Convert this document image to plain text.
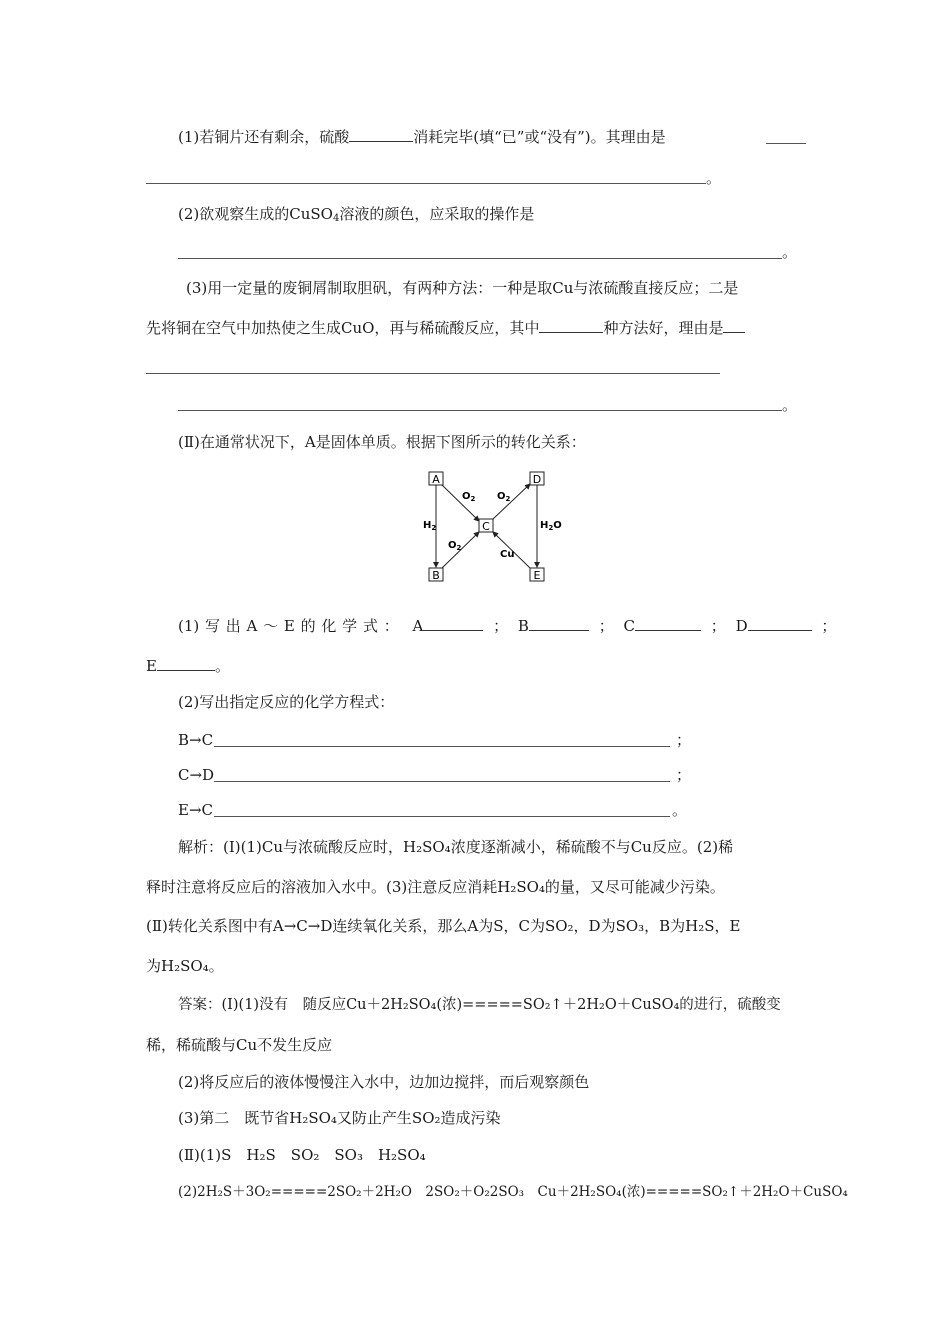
(1)若铜片还有剩余，硫酸	消耗完毕(填“已”或“没有”)。其理由是
。
(2)欲观察生成的CuSO$_4$溶液的颜色，应采取的操作是
。
(3)用一定量的废铜屑制取胆矾，有两种方法：一种是取Cu与浓硫酸直接反应；二是
先将铜在空气中加热使之生成CuO，再与稀硫酸反应，其中	种方法好，理由是
。
(Ⅱ)在通常状况下，A是固体单质。根据下图所示的转化关系：
A	D
C
B	E
$O_2$ $O_2$
$H_2$
$O_2$
$H_2O$
Cu
(1) 写 出 A ～ E 的 化 学 式 ： A	； B	； C	； D	；
E	。
(2)写出指定反应的化学方程式：
B→C	；
C→D	；
E→C	。
解析：(Ⅰ)(1)Cu与浓硫酸反应时，H₂SO₄浓度逐渐减小，稀硫酸不与Cu反应。(2)稀
释时注意将反应后的溶液加入水中。(3)注意反应消耗H₂SO₄的量，又尽可能减少污染。
(Ⅱ)转化关系图中有A→C→D连续氧化关系，那么A为S，C为SO₂，D为SO₃，B为H₂S，E
为H₂SO₄。
答案：(Ⅰ)(1)没有　随反应Cu＋2H₂SO₄(浓)=====SO₂↑＋2H₂O＋CuSO₄的进行，硫酸变
稀，稀硫酸与Cu不发生反应
(2)将反应后的液体慢慢注入水中，边加边搅拌，而后观察颜色
(3)第二　既节省H₂SO₄又防止产生SO₂造成污染
(Ⅱ)(1)S　H₂S　SO₂　SO₃　H₂SO₄
(2)2H₂S＋3O₂=====2SO₂＋2H₂O　2SO₂＋O₂2SO₃　Cu＋2H₂SO₄(浓)=====SO₂↑＋2H₂O＋CuSO₄
